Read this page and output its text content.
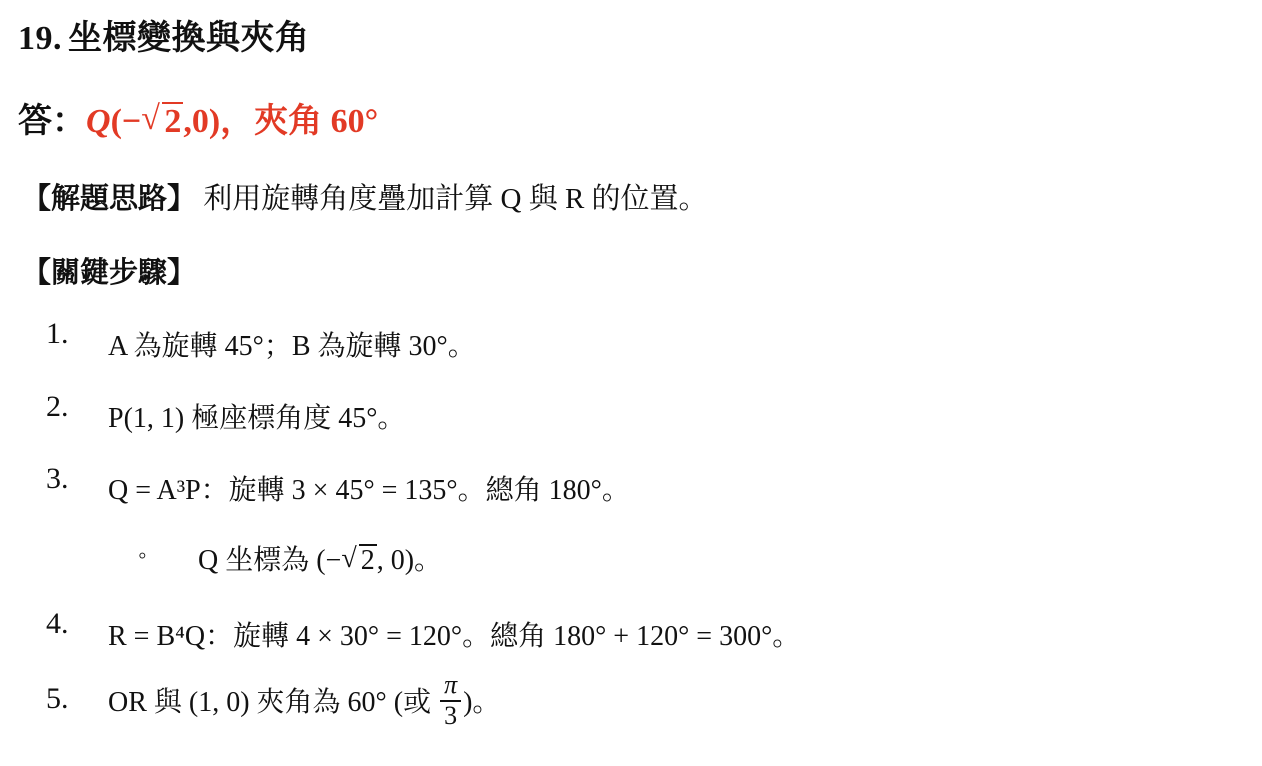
19. 坐標變換與夾角
答：Q(− √ 2,0)，夾角 60°
【解題思路】 利用旋轉角度疊加計算 Q 與 R 的位置。
【關鍵步驟】
1. A 為旋轉 45°；B 為旋轉 30°。
2. P(1, 1) 極座標角度 45°。
3. Q = A³P：旋轉 3 × 45° = 135°。總角 180°。
◦ Q 坐標為 (− √ 2, 0)。
4. R = B⁴Q：旋轉 4 × 30° = 120°。總角 180° + 120° = 300°。
5. OR 與 (1, 0) 夾角為 60° (或 $\frac{\pi}{3}$ )。
